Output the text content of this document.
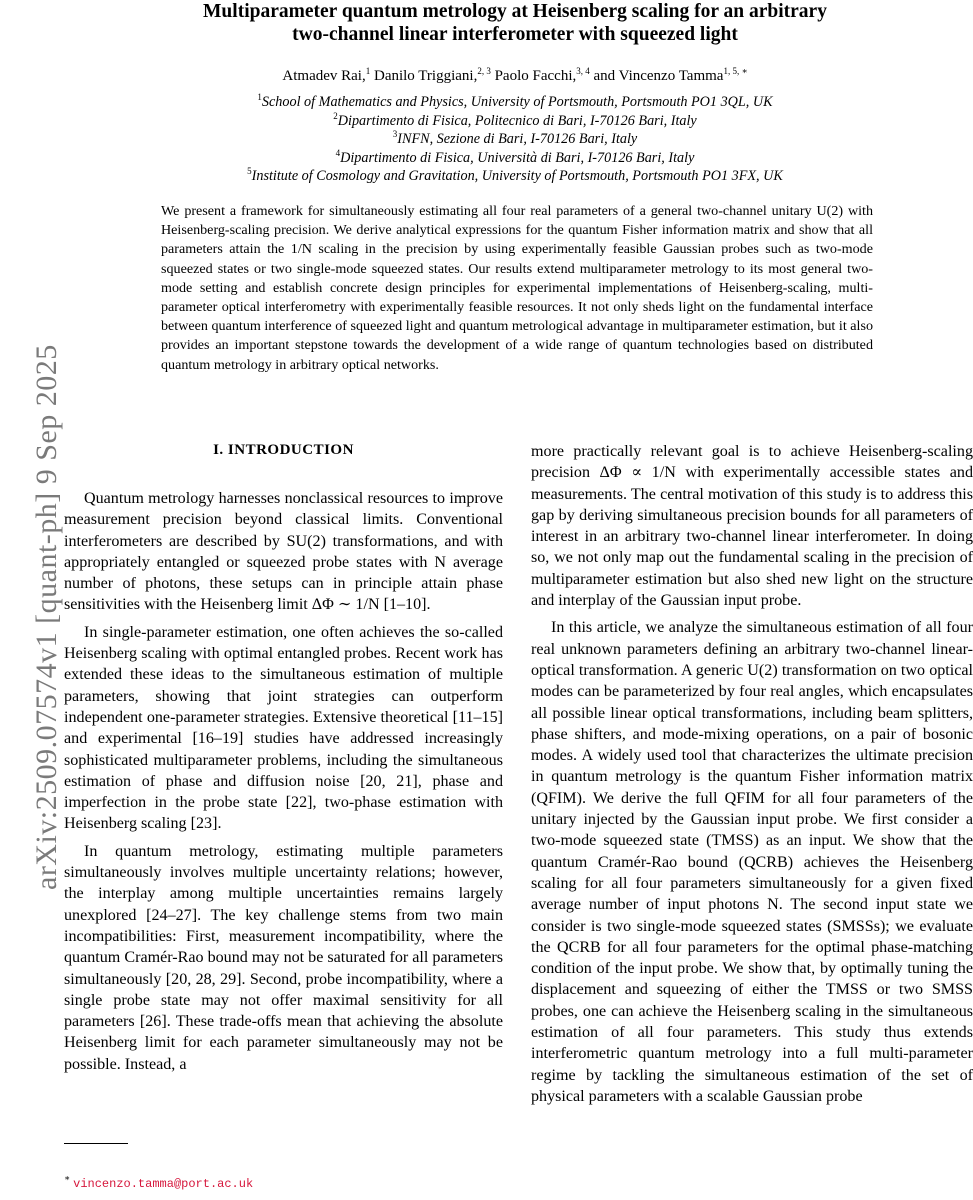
arXiv:2509.07574v1 [quant-ph] 9 Sep 2025
Multiparameter quantum metrology at Heisenberg scaling for an arbitrary
two-channel linear interferometer with squeezed light
Atmadev Rai,$^1$ Danilo Triggiani,$^{2, 3}$ Paolo Facchi,$^{3, 4}$ and Vincenzo Tamma$^{1, 5, ∗}$
$^1$School of Mathematics and Physics, University of Portsmouth, Portsmouth PO1 3QL, UK
$^2$Dipartimento di Fisica, Politecnico di Bari, I-70126 Bari, Italy
$^3$INFN, Sezione di Bari, I-70126 Bari, Italy
$^4$Dipartimento di Fisica, Università di Bari, I-70126 Bari, Italy
$^5$Institute of Cosmology and Gravitation, University of Portsmouth, Portsmouth PO1 3FX, UK
We present a framework for simultaneously estimating all four real parameters of a general two-channel unitary U(2) with Heisenberg-scaling precision. We derive analytical expressions for the quantum Fisher information matrix and show that all parameters attain the 1/N scaling in the precision by using experimentally feasible Gaussian probes such as two-mode squeezed states or two single-mode squeezed states. Our results extend multiparameter metrology to its most general two-mode setting and establish concrete design principles for experimental implementations of Heisenberg-scaling, multi-parameter optical interferometry with experimentally feasible resources. It not only sheds light on the fundamental interface between quantum interference of squeezed light and quantum metrological advantage in multiparameter estimation, but it also provides an important stepstone towards the development of a wide range of quantum technologies based on distributed quantum metrology in arbitrary optical networks.
I. INTRODUCTION

Quantum metrology harnesses nonclassical resources to improve measurement precision beyond classical limits. Conventional interferometers are described by SU(2) transformations, and with appropriately entangled or squeezed probe states with N average number of photons, these setups can in principle attain phase sensitivities with the Heisenberg limit ΔΦ ∼ 1/N [1–10].

In single-parameter estimation, one often achieves the so-called Heisenberg scaling with optimal entangled probes. Recent work has extended these ideas to the simultaneous estimation of multiple parameters, showing that joint strategies can outperform independent one-parameter strategies. Extensive theoretical [11–15] and experimental [16–19] studies have addressed increasingly sophisticated multiparameter problems, including the simultaneous estimation of phase and diffusion noise [20, 21], phase and imperfection in the probe state [22], two-phase estimation with Heisenberg scaling [23].

In quantum metrology, estimating multiple parameters simultaneously involves multiple uncertainty relations; however, the interplay among multiple uncertainties remains largely unexplored [24–27]. The key challenge stems from two main incompatibilities: First, measurement incompatibility, where the quantum Cramér-Rao bound may not be saturated for all parameters simultaneously [20, 28, 29]. Second, probe incompatibility, where a single probe state may not offer maximal sensitivity for all parameters [26]. These trade-offs mean that achieving the absolute Heisenberg limit for each parameter simultaneously may not be possible. Instead, a

more practically relevant goal is to achieve Heisenberg-scaling precision ΔΦ ∝ 1/N with experimentally accessible states and measurements. The central motivation of this study is to address this gap by deriving simultaneous precision bounds for all parameters of interest in an arbitrary two-channel linear interferometer. In doing so, we not only map out the fundamental scaling in the precision of multiparameter estimation but also shed new light on the structure and interplay of the Gaussian input probe.

In this article, we analyze the simultaneous estimation of all four real unknown parameters defining an arbitrary two-channel linear-optical transformation. A generic U(2) transformation on two optical modes can be parameterized by four real angles, which encapsulates all possible linear optical transformations, including beam splitters, phase shifters, and mode-mixing operations, on a pair of bosonic modes. A widely used tool that characterizes the ultimate precision in quantum metrology is the quantum Fisher information matrix (QFIM). We derive the full QFIM for all four parameters of the unitary injected by the Gaussian input probe. We first consider a two-mode squeezed state (TMSS) as an input. We show that the quantum Cramér-Rao bound (QCRB) achieves the Heisenberg scaling for all four parameters simultaneously for a given fixed average number of input photons N. The second input state we consider is two single-mode squeezed states (SMSSs); we evaluate the QCRB for all four parameters for the optimal phase-matching condition of the input probe. We show that, by optimally tuning the displacement and squeezing of either the TMSS or two SMSS probes, one can achieve the Heisenberg scaling in the simultaneous estimation of all four parameters. This study thus extends interferometric quantum metrology into a full multi-parameter regime by tackling the simultaneous estimation of the set of physical parameters with a scalable Gaussian probe

∗ vincenzo.tamma@port.ac.uk
